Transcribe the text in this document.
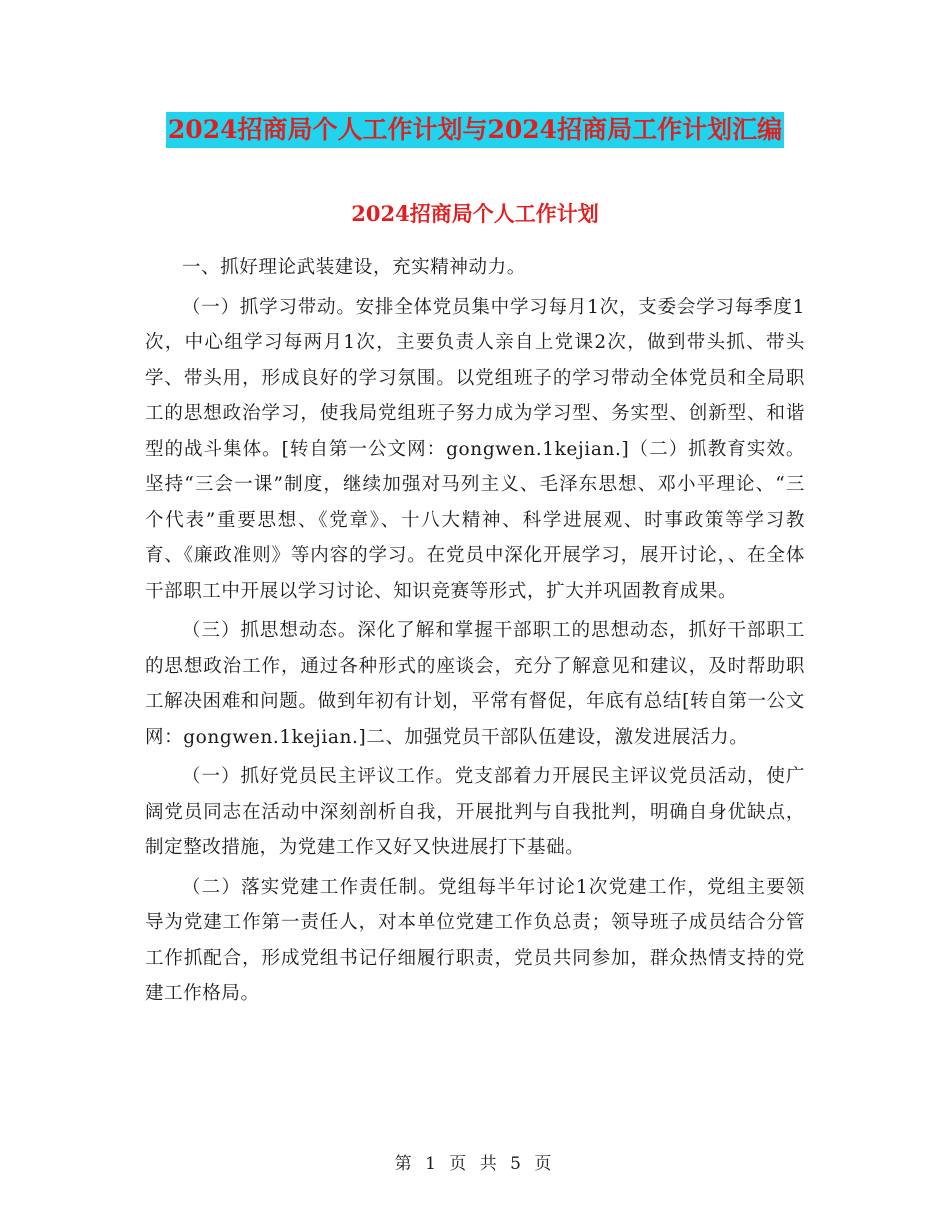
2024招商局个人工作计划与2024招商局工作计划汇编
2024招商局个人工作计划

一、抓好理论武装建设，充实精神动力。

（一）抓学习带动。安排全体党员集中学习每月1次，支委会学习每季度1次，中心组学习每两月1次，主要负责人亲自上党课2次，做到带头抓、带头学、带头用，形成良好的学习氛围。以党组班子的学习带动全体党员和全局职工的思想政治学习，使我局党组班子努力成为学习型、务实型、创新型、和谐型的战斗集体。[转自第一公文网：gongwen.1kejian.]（二）抓教育实效。坚持“三会一课”制度，继续加强对马列主义、毛泽东思想、邓小平理论、“三个代表”重要思想、《党章》、十八大精神、科学进展观、时事政策等学习教育、《廉政准则》等内容的学习。在党员中深化开展学习，展开讨论，、在全体干部职工中开展以学习讨论、知识竞赛等形式，扩大并巩固教育成果。

（三）抓思想动态。深化了解和掌握干部职工的思想动态，抓好干部职工的思想政治工作，通过各种形式的座谈会，充分了解意见和建议，及时帮助职工解决困难和问题。做到年初有计划，平常有督促，年底有总结[转自第一公文网：gongwen.1kejian.]二、加强党员干部队伍建设，激发进展活力。

（一）抓好党员民主评议工作。党支部着力开展民主评议党员活动，使广阔党员同志在活动中深刻剖析自我，开展批判与自我批判，明确自身优缺点，制定整改措施，为党建工作又好又快进展打下基础。

（二）落实党建工作责任制。党组每半年讨论1次党建工作，党组主要领导为党建工作第一责任人，对本单位党建工作负总责；领导班子成员结合分管工作抓配合，形成党组书记仔细履行职责，党员共同参加，群众热情支持的党建工作格局。

第 1 页 共 5 页
